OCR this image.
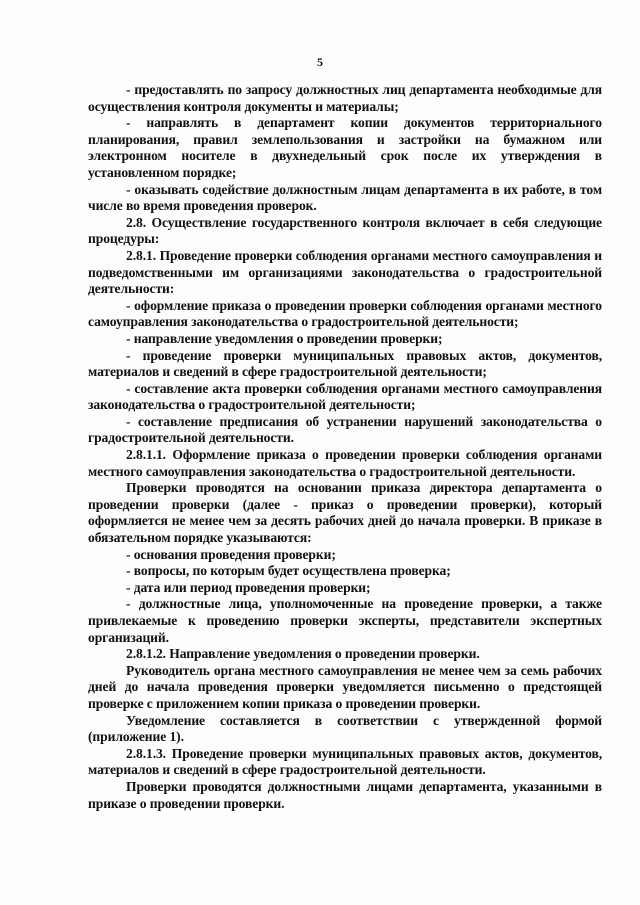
5

- предоставлять по запросу должностных лиц департамента необходимые для осуществления контроля документы и материалы;

- направлять в департамент копии документов территориального планирования, правил землепользования и застройки на бумажном или электронном носителе в двухнедельный срок после их утверждения в установленном порядке;

- оказывать содействие должностным лицам департамента в их работе, в том числе во время проведения проверок.

2.8. Осуществление государственного контроля включает в себя следующие процедуры:

2.8.1. Проведение проверки соблюдения органами местного самоуправления и подведомственными им организациями законодательства о градостроительной деятельности:

- оформление приказа о проведении проверки соблюдения органами местного самоуправления законодательства о градостроительной деятельности;

- направление уведомления о проведении проверки;

- проведение проверки муниципальных правовых актов, документов, материалов и сведений в сфере градостроительной деятельности;

- составление акта проверки соблюдения органами местного самоуправления законодательства о градостроительной деятельности;

- составление предписания об устранении нарушений законодательства о градостроительной деятельности.

2.8.1.1. Оформление приказа о проведении проверки соблюдения органами местного самоуправления законодательства о градостроительной деятельности.

Проверки проводятся на основании приказа директора департамента о проведении проверки (далее - приказ о проведении проверки), который оформляется не менее чем за десять рабочих дней до начала проверки. В приказе в обязательном порядке указываются:

- основания проведения проверки;

- вопросы, по которым будет осуществлена проверка;

- дата или период проведения проверки;

- должностные лица, уполномоченные на проведение проверки, а также привлекаемые к проведению проверки эксперты, представители экспертных организаций.

2.8.1.2. Направление уведомления о проведении проверки.

Руководитель органа местного самоуправления не менее чем за семь рабочих дней до начала проведения проверки уведомляется письменно о предстоящей проверке с приложением копии приказа о проведении проверки.

Уведомление составляется в соответствии с утвержденной формой (приложение 1).

2.8.1.3. Проведение проверки муниципальных правовых актов, документов, материалов и сведений в сфере градостроительной деятельности.

Проверки проводятся должностными лицами департамента, указанными в приказе о проведении проверки.
